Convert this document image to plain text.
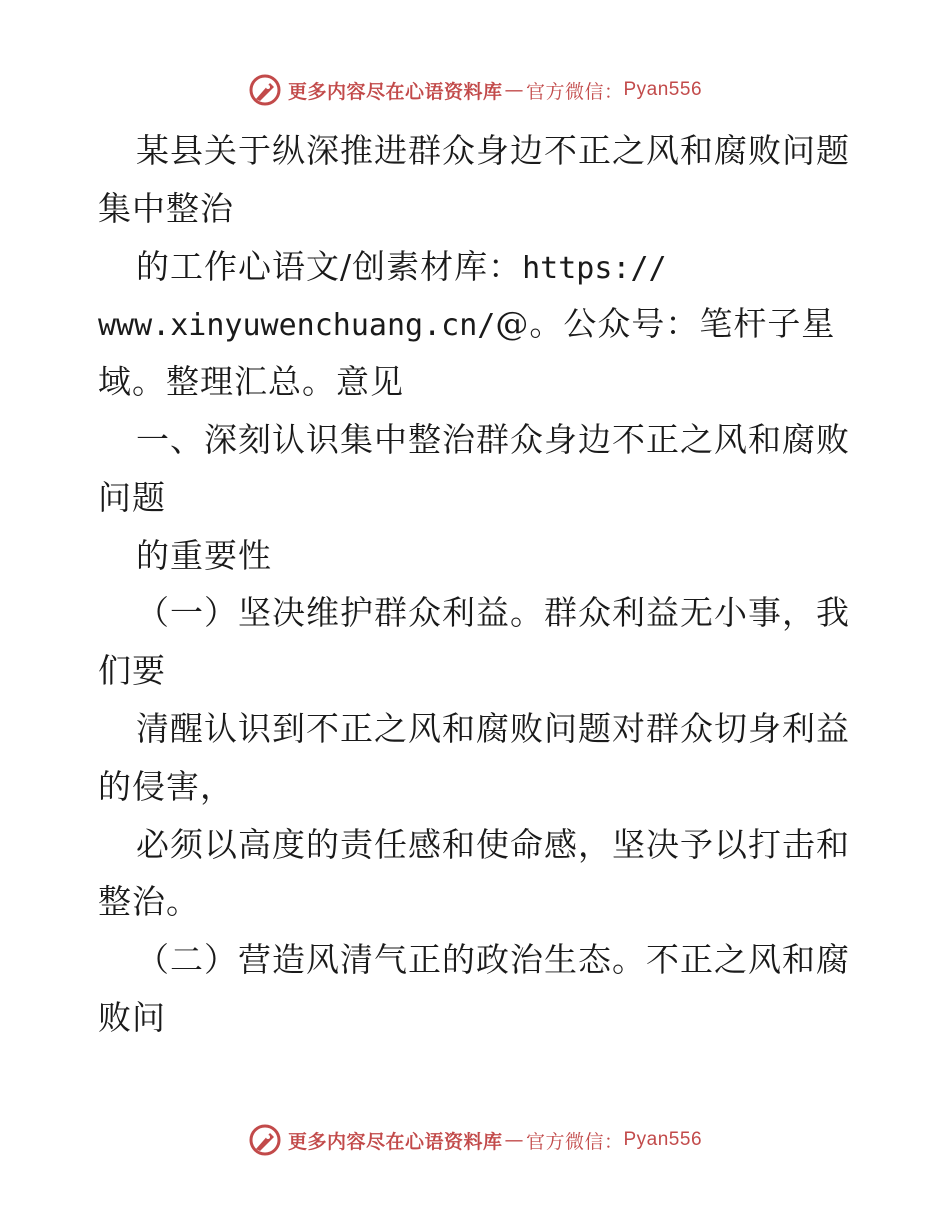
更多内容尽在心语资料库 — 官方微信： Pyan556
某县关于纵深推进群众身边不正之风和腐败问题
集中整治
的工作心语文/创素材库：https://
www.xinyuwenchuang.cn/@。公众号：笔杆子星
域。整理汇总。意见
一、深刻认识集中整治群众身边不正之风和腐败
问题
的重要性
（一）坚决维护群众利益。群众利益无小事，我
们要
清醒认识到不正之风和腐败问题对群众切身利益
的侵害，
必须以高度的责任感和使命感，坚决予以打击和
整治。
（二）营造风清气正的政治生态。不正之风和腐
败问
更多内容尽在心语资料库 — 官方微信： Pyan556
